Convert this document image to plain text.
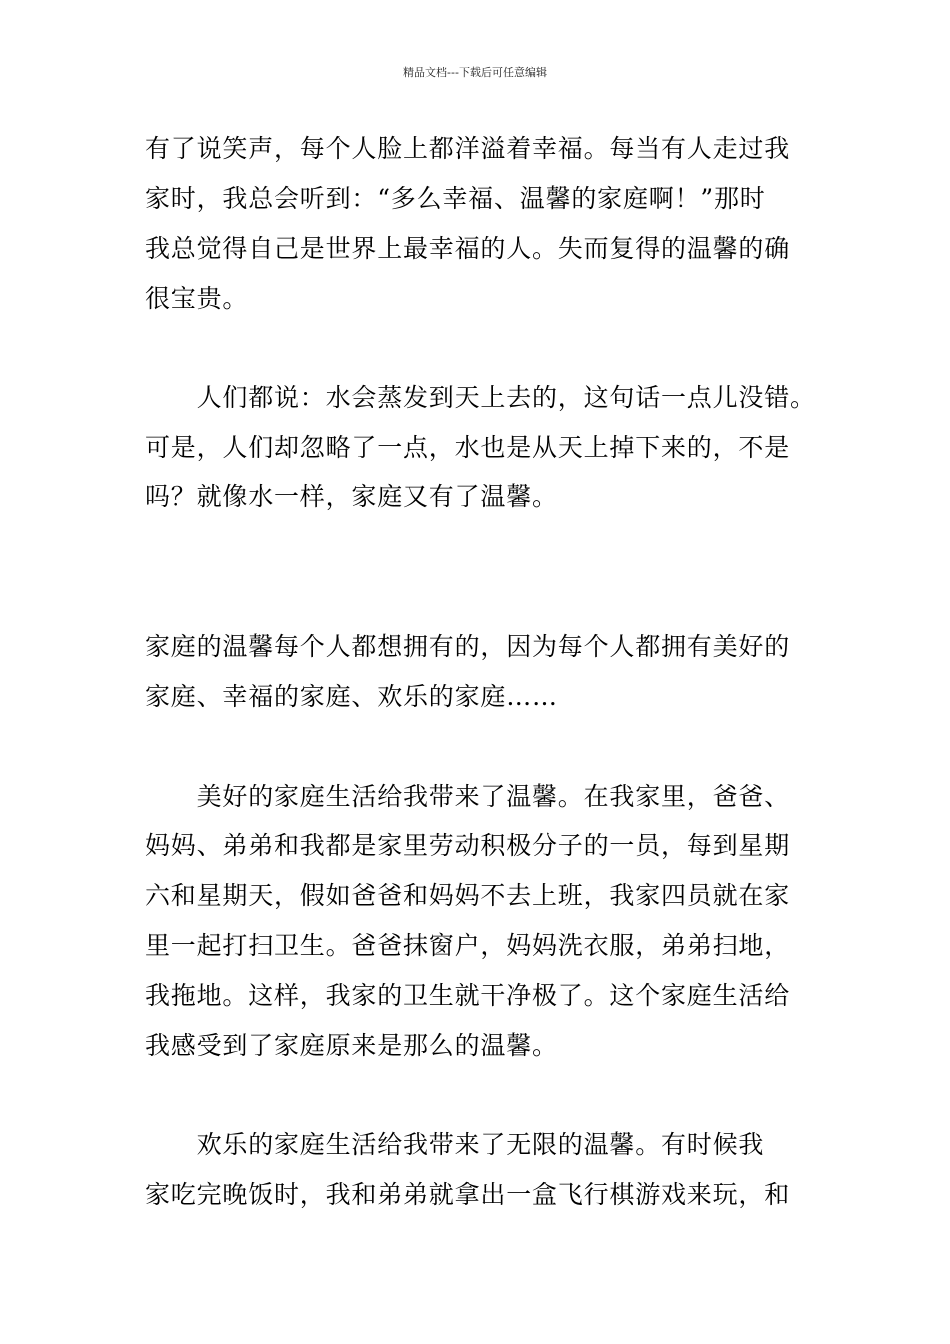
精品文档---下载后可任意编辑
有了说笑声，每个人脸上都洋溢着幸福。每当有人走过我
家时，我总会听到：“多么幸福、温馨的家庭啊！”那时
我总觉得自己是世界上最幸福的人。失而复得的温馨的确
很宝贵。
　　人们都说：水会蒸发到天上去的，这句话一点儿没错。
可是，人们却忽略了一点，水也是从天上掉下来的，不是
吗？就像水一样，家庭又有了温馨。
家庭的温馨每个人都想拥有的，因为每个人都拥有美好的
家庭、幸福的家庭、欢乐的家庭……
　　美好的家庭生活给我带来了温馨。在我家里，爸爸、
妈妈、弟弟和我都是家里劳动积极分子的一员，每到星期
六和星期天，假如爸爸和妈妈不去上班，我家四员就在家
里一起打扫卫生。爸爸抹窗户，妈妈洗衣服，弟弟扫地，
我拖地。这样，我家的卫生就干净极了。这个家庭生活给
我感受到了家庭原来是那么的温馨。
　　欢乐的家庭生活给我带来了无限的温馨。有时候我
家吃完晚饭时，我和弟弟就拿出一盒飞行棋游戏来玩，和
